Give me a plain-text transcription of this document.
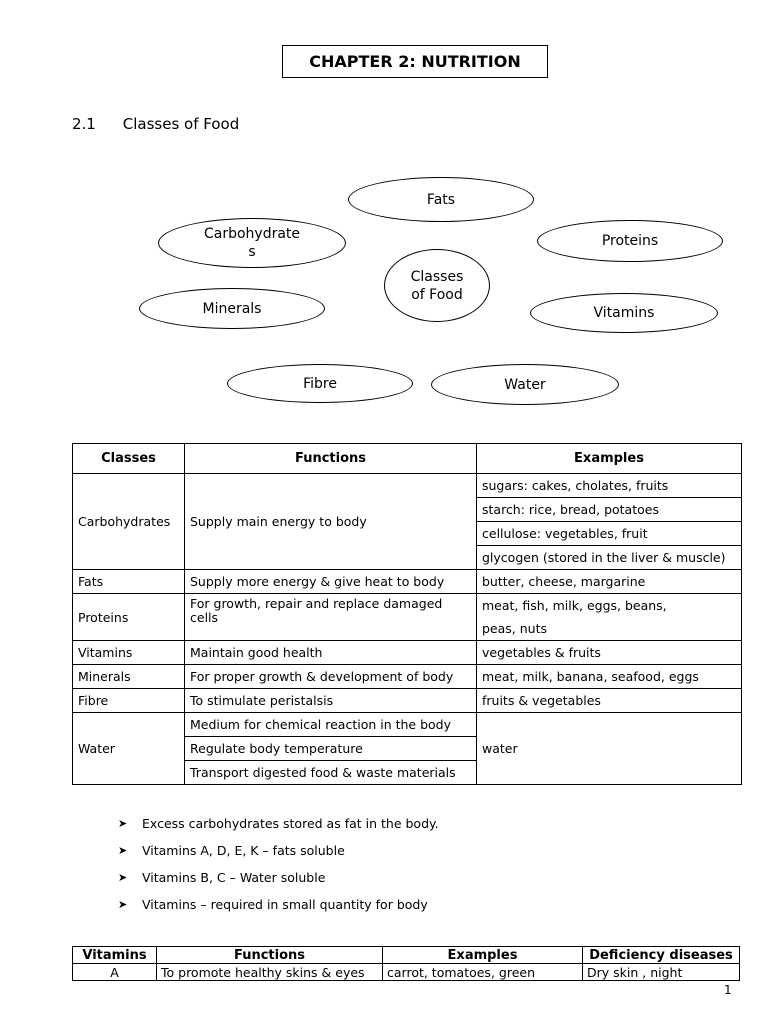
CHAPTER 2: NUTRITION
2.1 Classes of Food
Fats
Carbohydrate
s
Proteins
Classes
of Food
Minerals	Vitamins
Fibre	Water
Classes	Functions	Examples
Carbohydrates	Supply main energy to body	sugars: cakes, cholates, fruits
		starch: rice, bread, potatoes
		cellulose: vegetables, fruit
		glycogen (stored in the liver & muscle)
Fats	Supply more energy & give heat to body	butter, cheese, margarine
Proteins	For growth, repair and replace damaged cells	meat, fish, milk, eggs, beans,
		peas, nuts
Vitamins	Maintain good health	vegetables & fruits
Minerals	For proper growth & development of body	meat, milk, banana, seafood, eggs
Fibre	To stimulate peristalsis	fruits & vegetables
Water	Medium for chemical reaction in the body	water
	Regulate body temperature	
	Transport digested food & waste materials	
➤	Excess carbohydrates stored as fat in the body.
➤	Vitamins A, D, E, K – fats soluble
➤	Vitamins B, C – Water soluble
➤	Vitamins – required in small quantity for body
Vitamins	Functions	Examples	Deficiency diseases
A	To promote healthy skins & eyes	carrot, tomatoes, green	Dry skin , night
1
